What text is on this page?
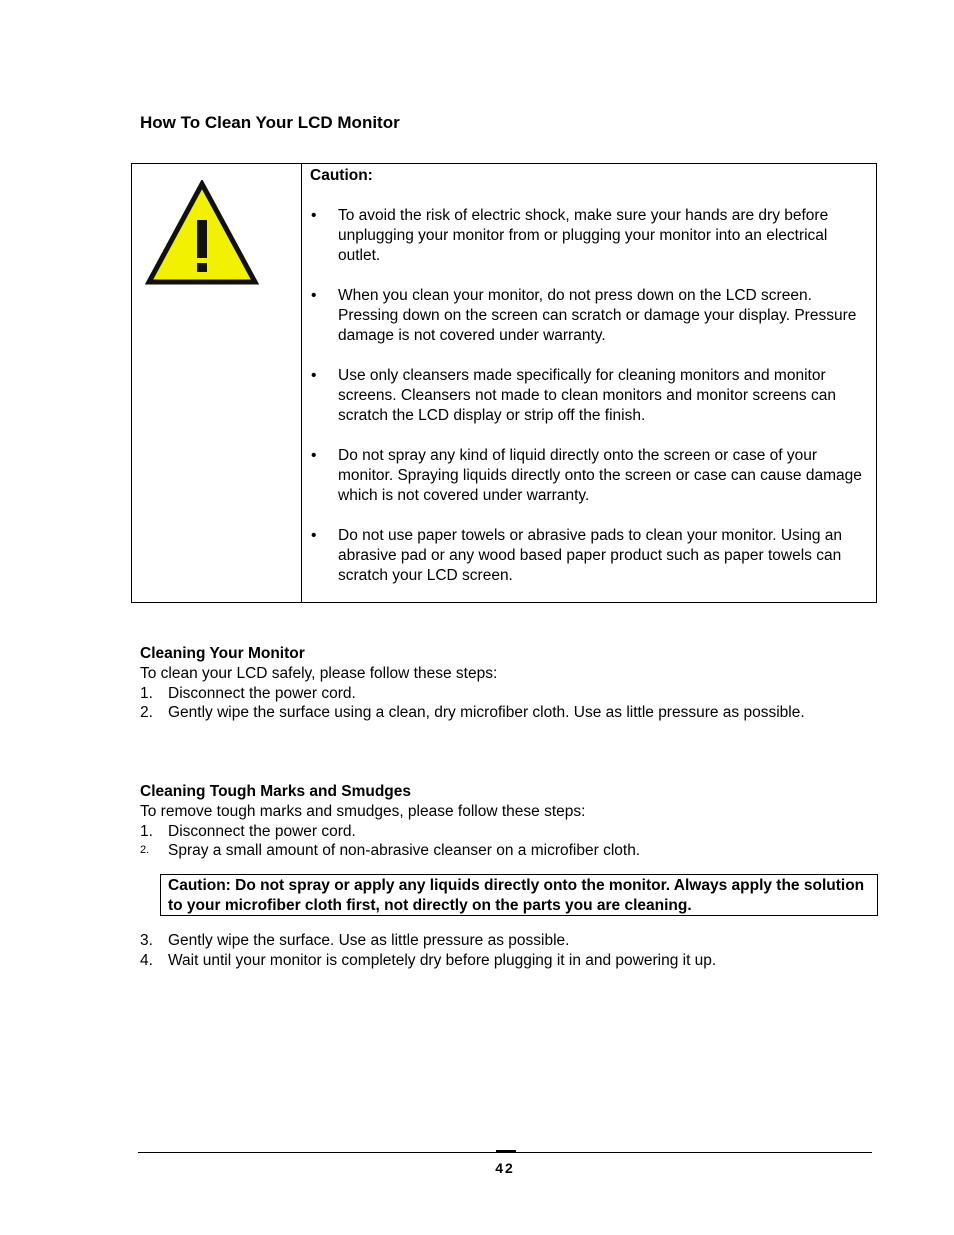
How To Clean Your LCD Monitor

Caution:

• To avoid the risk of electric shock, make sure your hands are dry before unplugging your monitor from or plugging your monitor into an electrical outlet.
• When you clean your monitor, do not press down on the LCD screen. Pressing down on the screen can scratch or damage your display. Pressure damage is not covered under warranty.
• Use only cleansers made specifically for cleaning monitors and monitor screens. Cleansers not made to clean monitors and monitor screens can scratch the LCD display or strip off the finish.
• Do not spray any kind of liquid directly onto the screen or case of your monitor. Spraying liquids directly onto the screen or case can cause damage which is not covered under warranty.
• Do not use paper towels or abrasive pads to clean your monitor. Using an abrasive pad or any wood based paper product such as paper towels can scratch your LCD screen.
Cleaning Your Monitor

To clean your LCD safely, please follow these steps:

1. Disconnect the power cord.
2. Gently wipe the surface using a clean, dry microfiber cloth. Use as little pressure as possible.
Cleaning Tough Marks and Smudges

To remove tough marks and smudges, please follow these steps:

1. Disconnect the power cord.
2. Spray a small amount of non-abrasive cleanser on a microfiber cloth.
Caution: Do not spray or apply any liquids directly onto the monitor. Always apply the solution to your microfiber cloth first, not directly on the parts you are cleaning.
3. Gently wipe the surface. Use as little pressure as possible.
4. Wait until your monitor is completely dry before plugging it in and powering it up.
42
